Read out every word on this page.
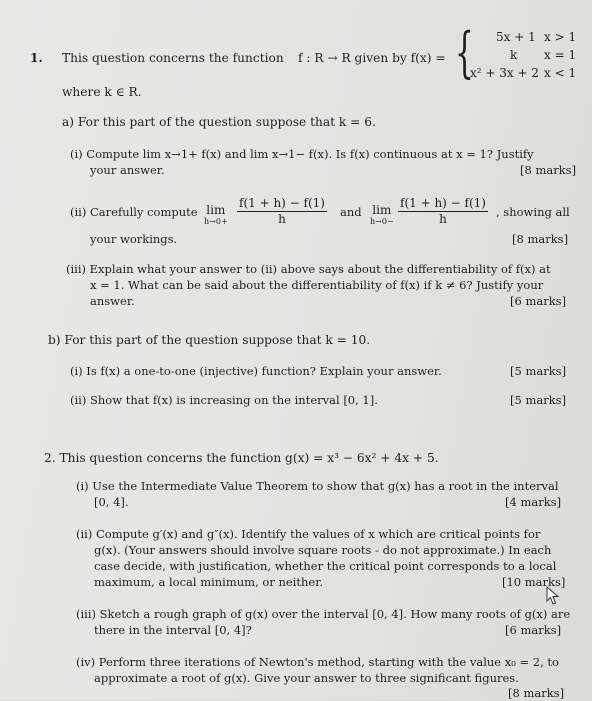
1. This question concerns the function f : R → R given by f(x) = { 5x + 1 x > 1
k x = 1
x² + 3x + 2 x < 1
where k ∈ R.
a) For this part of the question suppose that k = 6.
(i) Compute lim x→1+ f(x) and lim x→1− f(x). Is f(x) continuous at x = 1? Justify
your answer.	[8 marks]
(ii) Carefully compute lim
$h\to 0+ \frac{f(1 + h) - f(1)}{h}$ and lim
$h\to 0- \frac{f(1 + h) - f(1)}{h}$ , showing all
your workings.	[8 marks]
(iii) Explain what your answer to (ii) above says about the differentiability of f(x) at
x = 1. What can be said about the differentiability of f(x) if k ≠ 6? Justify your
answer.	[6 marks]
b) For this part of the question suppose that k = 10.
(i) Is f(x) a one-to-one (injective) function? Explain your answer.	[5 marks]
(ii) Show that f(x) is increasing on the interval [0, 1].	[5 marks]
2. This question concerns the function g(x) = x³ − 6x² + 4x + 5.
(i) Use the Intermediate Value Theorem to show that g(x) has a root in the interval
[0, 4].	[4 marks]
(ii) Compute g′(x) and g″(x). Identify the values of x which are critical points for
g(x). (Your answers should involve square roots - do not approximate.) In each
case decide, with justification, whether the critical point corresponds to a local
maximum, a local minimum, or neither.	[10 marks]
(iii) Sketch a rough graph of g(x) over the interval [0, 4]. How many roots of g(x) are
there in the interval [0, 4]?	[6 marks]
(iv) Perform three iterations of Newton's method, starting with the value x₀ = 2, to
approximate a root of g(x). Give your answer to three significant figures.
[8 marks]
